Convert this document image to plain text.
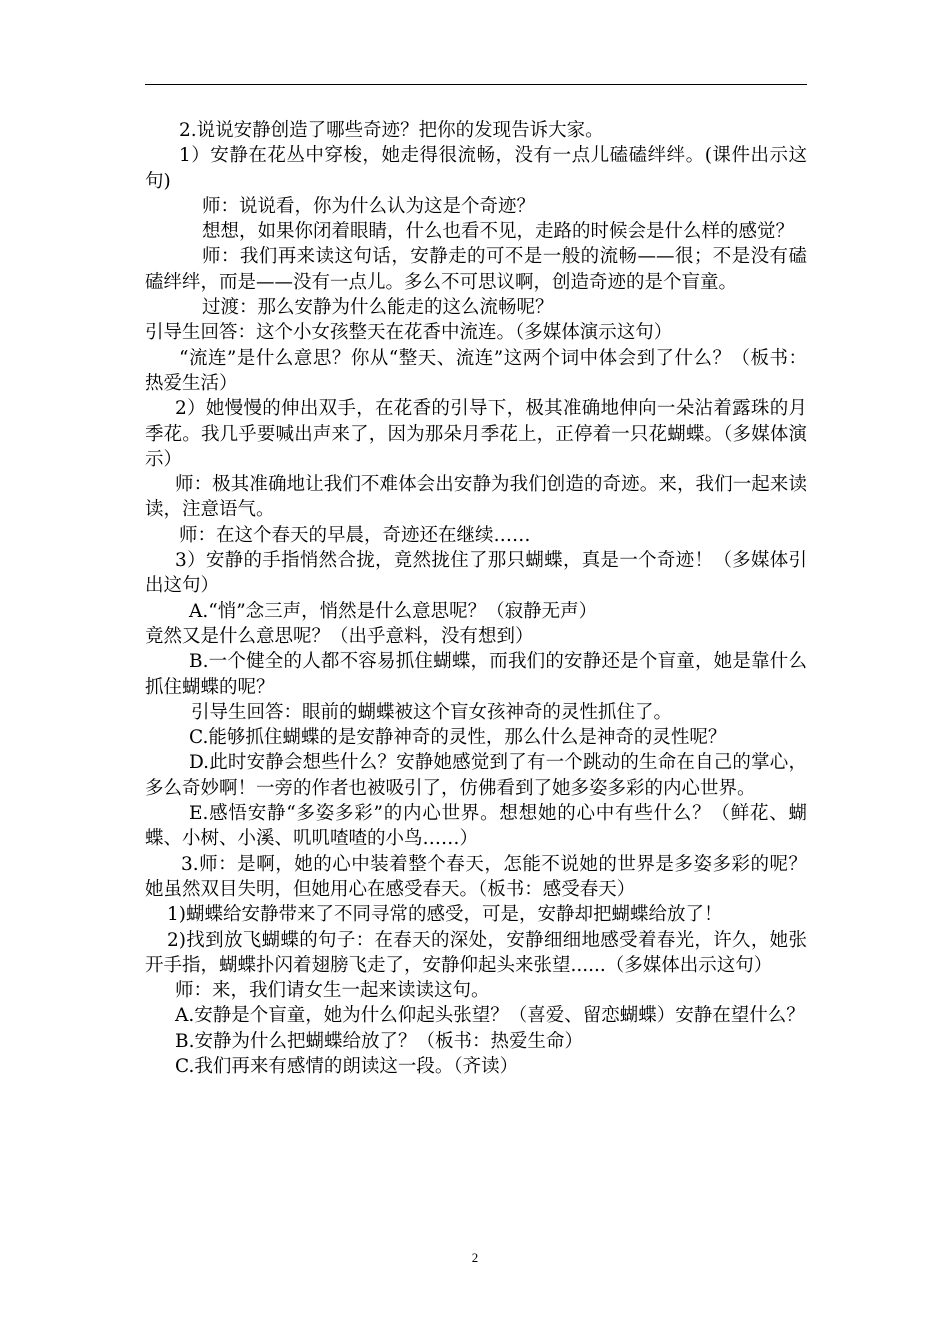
2.说说安静创造了哪些奇迹？把你的发现告诉大家。

1）安静在花丛中穿梭，她走得很流畅，没有一点儿磕磕绊绊。(课件出示这句)

师：说说看，你为什么认为这是个奇迹？

想想，如果你闭着眼睛，什么也看不见，走路的时候会是什么样的感觉？

师：我们再来读这句话，安静走的可不是一般的流畅——很；不是没有磕磕绊绊，而是——没有一点儿。多么不可思议啊，创造奇迹的是个盲童。

过渡：那么安静为什么能走的这么流畅呢？

引导生回答：这个小女孩整天在花香中流连。（多媒体演示这句）

“流连”是什么意思？你从“整天、流连”这两个词中体会到了什么？（板书：热爱生活）

2）她慢慢的伸出双手，在花香的引导下，极其准确地伸向一朵沾着露珠的月季花。我几乎要喊出声来了，因为那朵月季花上，正停着一只花蝴蝶。（多媒体演示）

师：极其准确地让我们不难体会出安静为我们创造的奇迹。来，我们一起来读读，注意语气。

师：在这个春天的早晨，奇迹还在继续……

3）安静的手指悄然合拢，竟然拢住了那只蝴蝶，真是一个奇迹！（多媒体引出这句）

A.“悄”念三声，悄然是什么意思呢？（寂静无声）

竟然又是什么意思呢？（出乎意料，没有想到）

B.一个健全的人都不容易抓住蝴蝶，而我们的安静还是个盲童，她是靠什么抓住蝴蝶的呢？

引导生回答：眼前的蝴蝶被这个盲女孩神奇的灵性抓住了。

C.能够抓住蝴蝶的是安静神奇的灵性，那么什么是神奇的灵性呢？

D.此时安静会想些什么？安静她感觉到了有一个跳动的生命在自己的掌心，多么奇妙啊！一旁的作者也被吸引了，仿佛看到了她多姿多彩的内心世界。

E.感悟安静“多姿多彩”的内心世界。想想她的心中有些什么？（鲜花、蝴蝶、小树、小溪、叽叽喳喳的小鸟……）

3.师：是啊，她的心中装着整个春天，怎能不说她的世界是多姿多彩的呢？她虽然双目失明，但她用心在感受春天。（板书：感受春天）

1)蝴蝶给安静带来了不同寻常的感受，可是，安静却把蝴蝶给放了！

2)找到放飞蝴蝶的句子：在春天的深处，安静细细地感受着春光，许久，她张开手指，蝴蝶扑闪着翅膀飞走了，安静仰起头来张望......（多媒体出示这句）

师：来，我们请女生一起来读读这句。

A.安静是个盲童，她为什么仰起头张望？（喜爱、留恋蝴蝶）安静在望什么？

B.安静为什么把蝴蝶给放了？（板书：热爱生命）

C.我们再来有感情的朗读这一段。（齐读）

2
